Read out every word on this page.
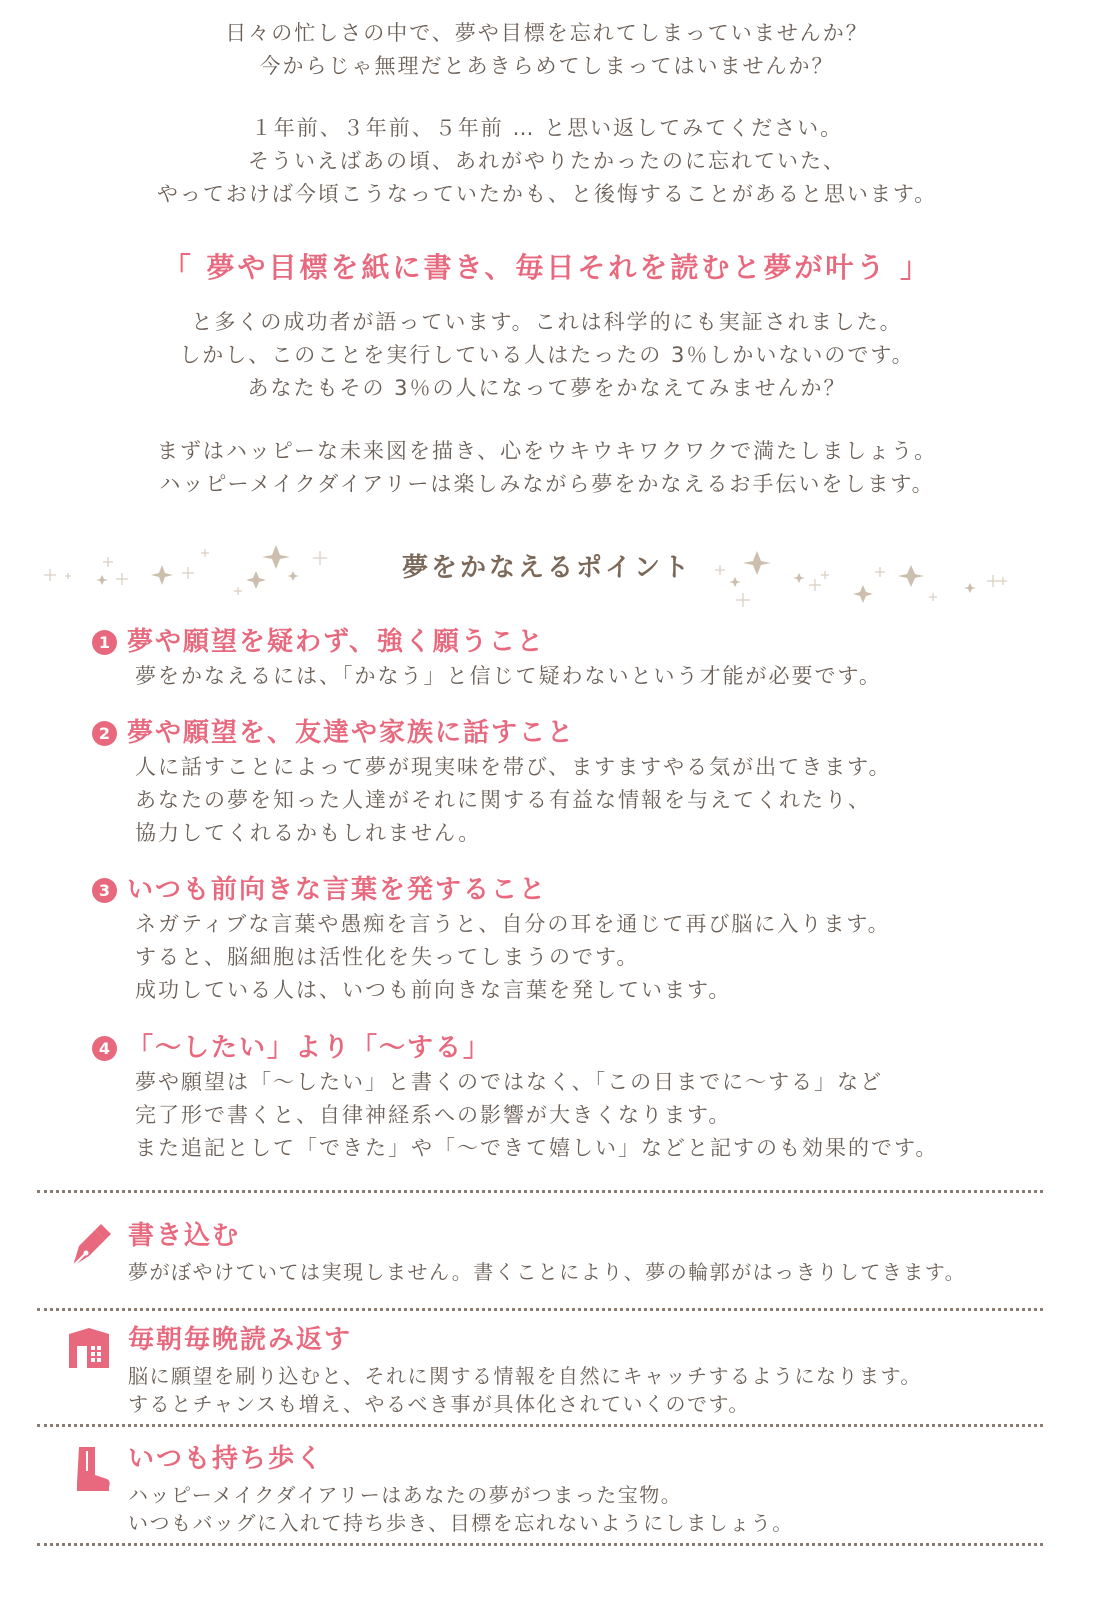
日々の忙しさの中で、夢や目標を忘れてしまっていませんか？
今からじゃ無理だとあきらめてしまってはいませんか？
１年前、３年前、５年前 … と思い返してみてください。
そういえばあの頃、あれがやりたかったのに忘れていた、
やっておけば今頃こうなっていたかも、と後悔することがあると思います。
「 夢や目標を紙に書き、毎日それを読むと夢が叶う 」
と多くの成功者が語っています。これは科学的にも実証されました。
しかし、このことを実行している人はたったの 3％しかいないのです。
あなたもその 3％の人になって夢をかなえてみませんか？
まずはハッピーな未来図を描き、心をウキウキワクワクで満たしましょう。
ハッピーメイクダイアリーは楽しみながら夢をかなえるお手伝いをします。
夢をかなえるポイント
1 夢や願望を疑わず、強く願うこと
夢をかなえるには、「かなう」と信じて疑わないという才能が必要です。
2 夢や願望を、友達や家族に話すこと
人に話すことによって夢が現実味を帯び、ますますやる気が出てきます。
あなたの夢を知った人達がそれに関する有益な情報を与えてくれたり、
協力してくれるかもしれません。
3 いつも前向きな言葉を発すること
ネガティブな言葉や愚痴を言うと、自分の耳を通じて再び脳に入ります。
すると、脳細胞は活性化を失ってしまうのです。
成功している人は、いつも前向きな言葉を発しています。
4 「～したい」より「～する」
夢や願望は「～したい」と書くのではなく、「この日までに～する」など
完了形で書くと、自律神経系への影響が大きくなります。
また追記として「できた」や「～できて嬉しい」などと記すのも効果的です。
書き込む
夢がぼやけていては実現しません。書くことにより、夢の輪郭がはっきりしてきます。
毎朝毎晩読み返す
脳に願望を刷り込むと、それに関する情報を自然にキャッチするようになります。
するとチャンスも増え、やるべき事が具体化されていくのです。
いつも持ち歩く
ハッピーメイクダイアリーはあなたの夢がつまった宝物。
いつもバッグに入れて持ち歩き、目標を忘れないようにしましょう。
